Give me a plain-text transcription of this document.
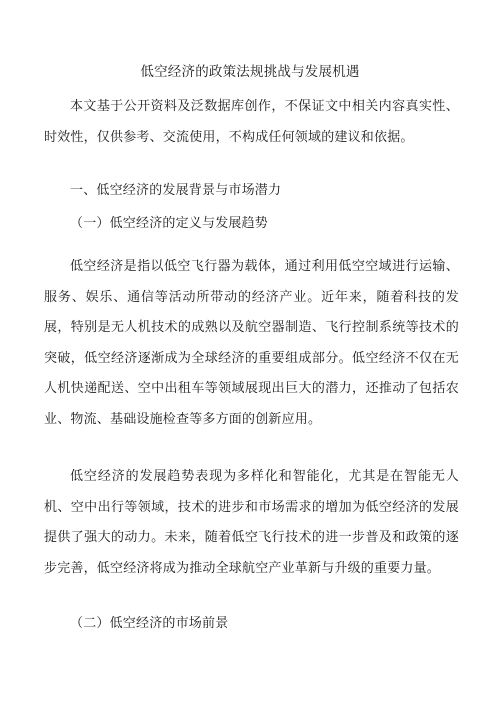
低空经济的政策法规挑战与发展机遇
本文基于公开资料及泛数据库创作，不保证文中相关内容真实性、时效性，仅供参考、交流使用，不构成任何领域的建议和依据。
一、低空经济的发展背景与市场潜力
（一）低空经济的定义与发展趋势
低空经济是指以低空飞行器为载体，通过利用低空空域进行运输、服务、娱乐、通信等活动所带动的经济产业。近年来，随着科技的发展，特别是无人机技术的成熟以及航空器制造、飞行控制系统等技术的突破，低空经济逐渐成为全球经济的重要组成部分。低空经济不仅在无人机快递配送、空中出租车等领域展现出巨大的潜力，还推动了包括农业、物流、基础设施检查等多方面的创新应用。
低空经济的发展趋势表现为多样化和智能化，尤其是在智能无人机、空中出行等领域，技术的进步和市场需求的增加为低空经济的发展提供了强大的动力。未来，随着低空飞行技术的进一步普及和政策的逐步完善，低空经济将成为推动全球航空产业革新与升级的重要力量。
（二）低空经济的市场前景
